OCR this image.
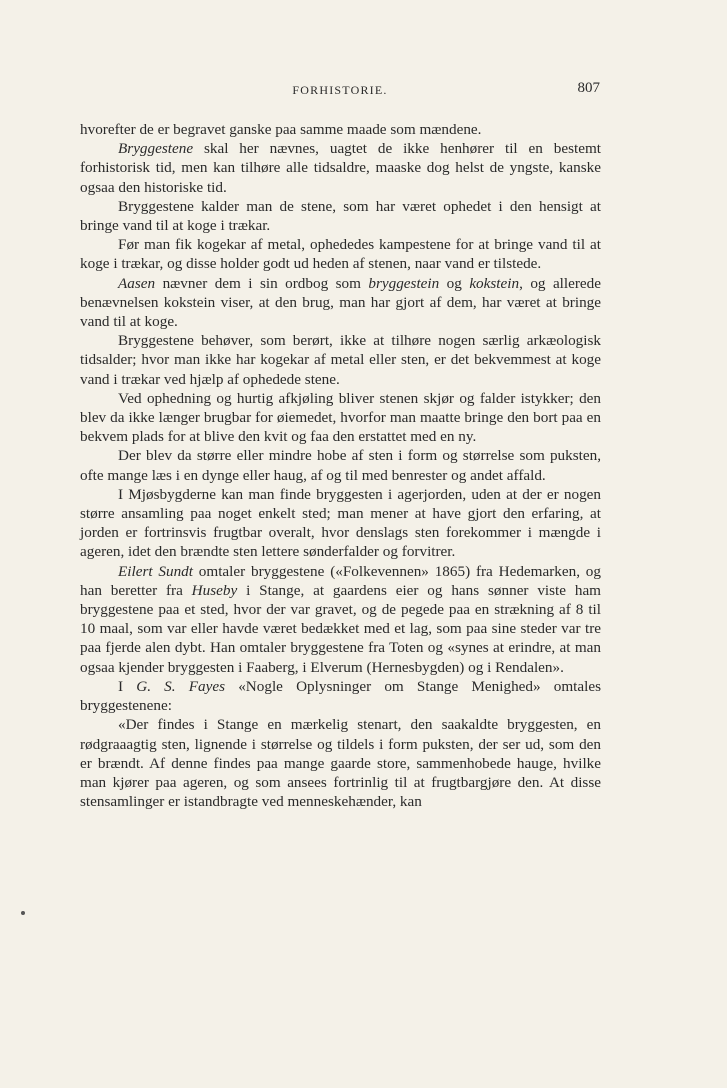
FORHISTORIE.	807

hvorefter de er begravet ganske paa samme maade som mændene.

Bryggestene skal her nævnes, uagtet de ikke henhører til en bestemt forhistorisk tid, men kan tilhøre alle tidsaldre, maaske dog helst de yngste, kanske ogsaa den historiske tid.

Bryggestene kalder man de stene, som har været ophedet i den hensigt at bringe vand til at koge i trækar.

Før man fik kogekar af metal, ophededes kampestene for at bringe vand til at koge i trækar, og disse holder godt ud heden af stenen, naar vand er tilstede.

Aasen nævner dem i sin ordbog som bryggestein og kokstein, og allerede benævnelsen kokstein viser, at den brug, man har gjort af dem, har været at bringe vand til at koge.

Bryggestene behøver, som berørt, ikke at tilhøre nogen særlig arkæologisk tidsalder; hvor man ikke har kogekar af metal eller sten, er det bekvemmest at koge vand i trækar ved hjælp af ophedede stene.

Ved ophedning og hurtig afkjøling bliver stenen skjør og falder istykker; den blev da ikke længer brugbar for øiemedet, hvorfor man maatte bringe den bort paa en bekvem plads for at blive den kvit og faa den erstattet med en ny.

Der blev da større eller mindre hobe af sten i form og størrelse som puksten, ofte mange læs i en dynge eller haug, af og til med benrester og andet affald.

I Mjøsbygderne kan man finde bryggesten i agerjorden, uden at der er nogen større ansamling paa noget enkelt sted; man mener at have gjort den erfaring, at jorden er fortrinsvis frugtbar overalt, hvor denslags sten forekommer i mængde i ageren, idet den brændte sten lettere sønderfalder og forvitrer.

Eilert Sundt omtaler bryggestene («Folkevennen» 1865) fra Hedemarken, og han beretter fra Huseby i Stange, at gaardens eier og hans sønner viste ham bryggestene paa et sted, hvor der var gravet, og de pegede paa en strækning af 8 til 10 maal, som var eller havde været bedækket med et lag, som paa sine steder var tre paa fjerde alen dybt. Han omtaler bryggestene fra Toten og «synes at erindre, at man ogsaa kjender bryggesten i Faaberg, i Elverum (Hernesbygden) og i Rendalen».

I G. S. Fayes «Nogle Oplysninger om Stange Menighed» omtales bryggestenene:

«Der findes i Stange en mærkelig stenart, den saakaldte bryggesten, en rødgraaagtig sten, lignende i størrelse og tildels i form puksten, der ser ud, som den er brændt. Af denne findes paa mange gaarde store, sammenhobede hauge, hvilke man kjører paa ageren, og som ansees fortrinlig til at frugtbargjøre den. At disse stensamlinger er istandbragte ved menneskehænder, kan
